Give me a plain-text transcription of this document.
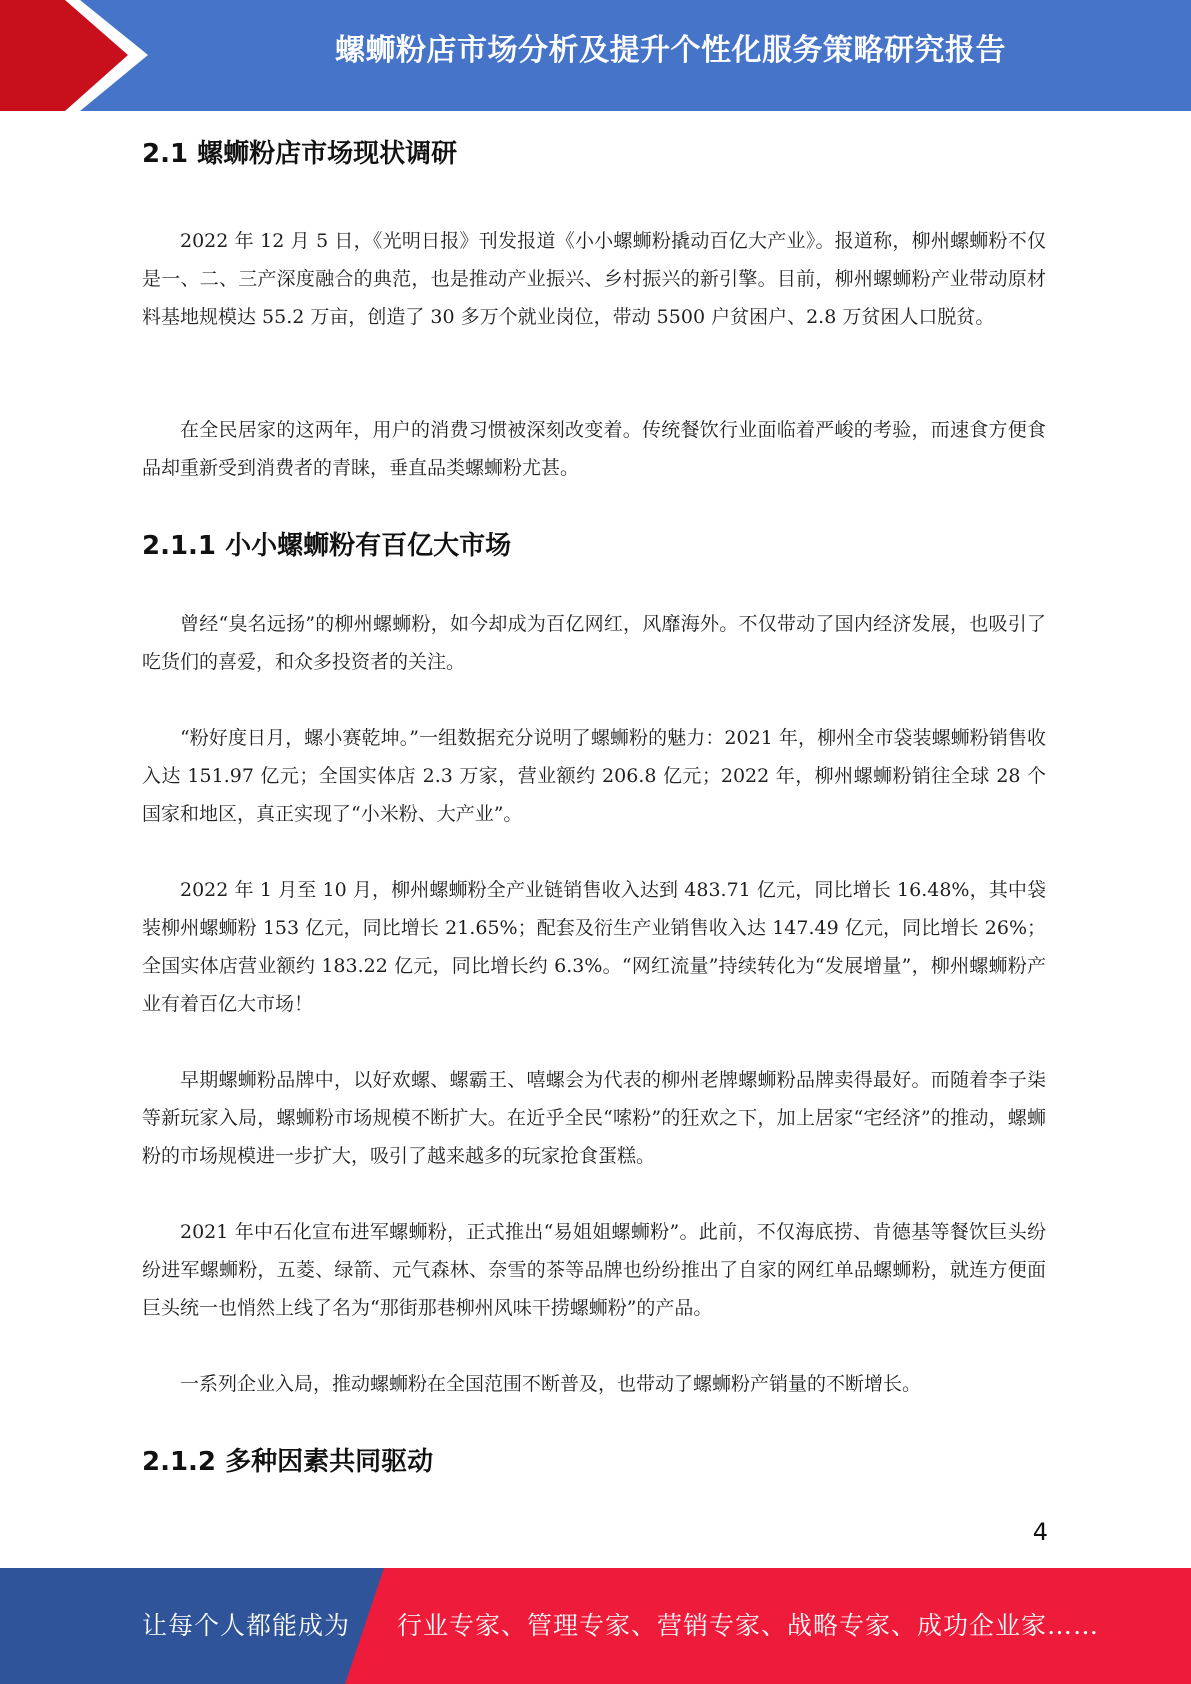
螺蛳粉店市场分析及提升个性化服务策略研究报告
2.1 螺蛳粉店市场现状调研

2022 年 12 月 5 日，《光明日报》刊发报道《小小螺蛳粉撬动百亿大产业》。报道称，柳州螺蛳粉不仅是一、二、三产深度融合的典范，也是推动产业振兴、乡村振兴的新引擎。目前，柳州螺蛳粉产业带动原材料基地规模达 55.2 万亩，创造了 30 多万个就业岗位，带动 5500 户贫困户、2.8 万贫困人口脱贫。

在全民居家的这两年，用户的消费习惯被深刻改变着。传统餐饮行业面临着严峻的考验，而速食方便食品却重新受到消费者的青睐，垂直品类螺蛳粉尤甚。

2.1.1 小小螺蛳粉有百亿大市场

曾经“臭名远扬”的柳州螺蛳粉，如今却成为百亿网红，风靡海外。不仅带动了国内经济发展，也吸引了吃货们的喜爱，和众多投资者的关注。

“粉好度日月，螺小赛乾坤。”一组数据充分说明了螺蛳粉的魅力：2021 年，柳州全市袋装螺蛳粉销售收入达 151.97 亿元；全国实体店 2.3 万家，营业额约 206.8 亿元；2022 年，柳州螺蛳粉销往全球 28 个国家和地区，真正实现了“小米粉、大产业”。

2022 年 1 月至 10 月，柳州螺蛳粉全产业链销售收入达到 483.71 亿元，同比增长 16.48%，其中袋装柳州螺蛳粉 153 亿元，同比增长 21.65%；配套及衍生产业销售收入达 147.49 亿元，同比增长 26%；全国实体店营业额约 183.22 亿元，同比增长约 6.3%。“网红流量”持续转化为“发展增量”，柳州螺蛳粉产业有着百亿大市场！

早期螺蛳粉品牌中，以好欢螺、螺霸王、嘻螺会为代表的柳州老牌螺蛳粉品牌卖得最好。而随着李子柒等新玩家入局，螺蛳粉市场规模不断扩大。在近乎全民“嗦粉”的狂欢之下，加上居家“宅经济”的推动，螺蛳粉的市场规模进一步扩大，吸引了越来越多的玩家抢食蛋糕。

2021 年中石化宣布进军螺蛳粉，正式推出“易姐姐螺蛳粉”。此前，不仅海底捞、肯德基等餐饮巨头纷纷进军螺蛳粉，五菱、绿箭、元气森林、奈雪的茶等品牌也纷纷推出了自家的网红单品螺蛳粉，就连方便面巨头统一也悄然上线了名为“那街那巷柳州风味干捞螺蛳粉”的产品。

一系列企业入局，推动螺蛳粉在全国范围不断普及，也带动了螺蛳粉产销量的不断增长。

2.1.2 多种因素共同驱动
4
让每个人都能成为 行业专家、管理专家、营销专家、战略专家、成功企业家……
